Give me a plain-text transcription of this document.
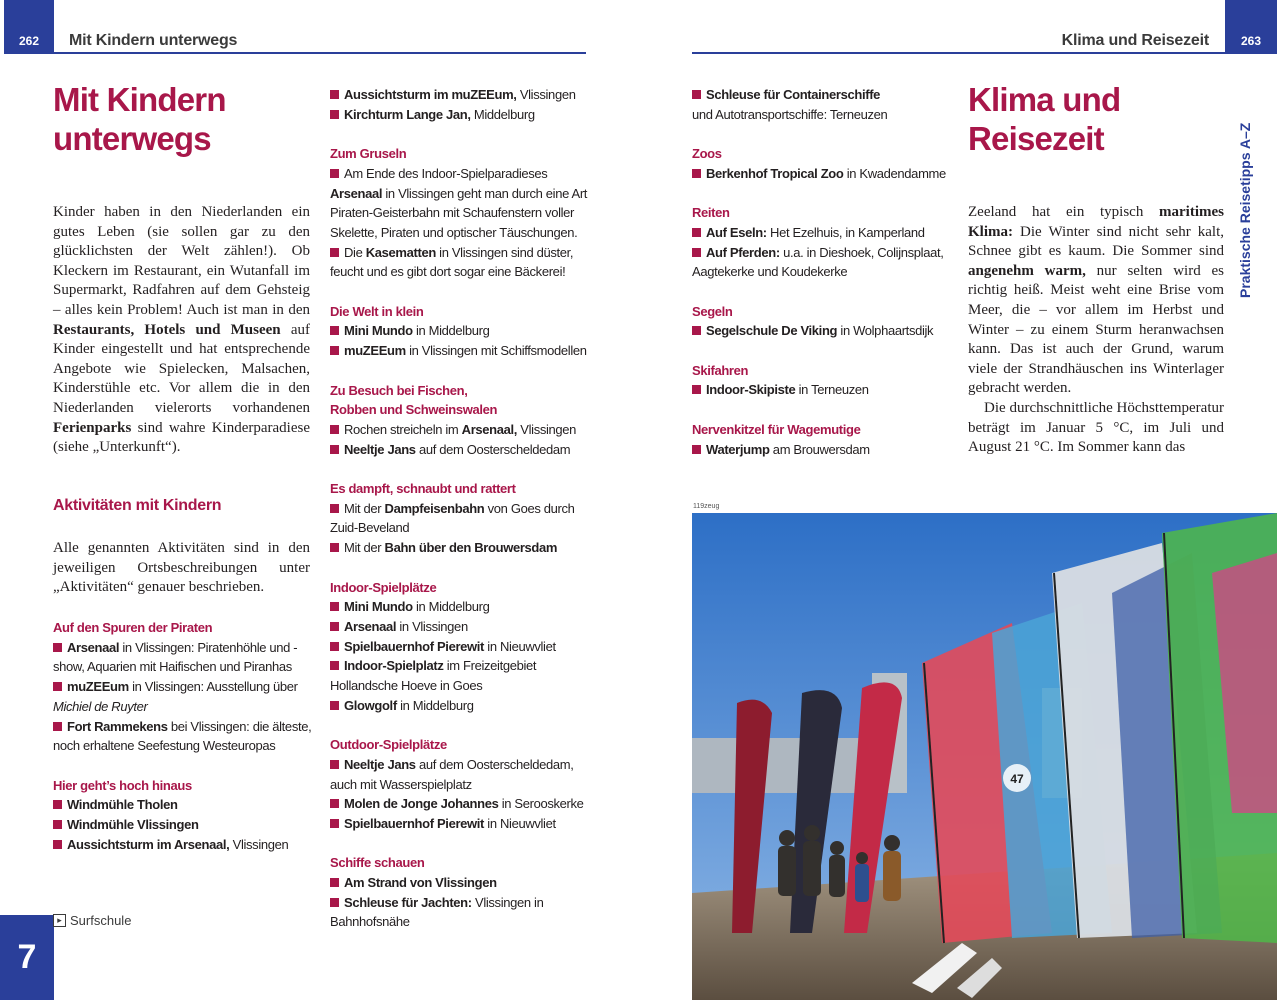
262	Mit Kindern unterwegs	Klima und Reisezeit	263
Praktische Reisetipps A–Z
7
Mit Kindern
unterwegs

Kinder haben in den Niederlanden ein gutes Leben (sie sollen gar zu den glücklichsten der Welt zählen!). Ob Kleckern im Restaurant, ein Wutanfall im Supermarkt, Radfahren auf dem Gehsteig – alles kein Problem! Auch ist man in den Restaurants, Hotels und Museen auf Kinder eingestellt und hat entsprechende Angebote wie Spielecken, Malsachen, Kinderstühle etc. Vor allem die in den Niederlanden vielerorts vorhandenen Ferienparks sind wahre Kinderparadiese (siehe „Unterkunft“).

Aktivitäten mit Kindern

Alle genannten Aktivitäten sind in den jeweiligen Ortsbeschreibungen unter „Aktivitäten“ genauer beschrieben.

Auf den Spuren der Piraten
Arsenaal in Vlissingen: Piratenhöhle und -show, Aquarien mit Haifischen und Piranhas
muZEEum in Vlissingen: Ausstellung über Michiel de Ruyter
Fort Rammekens bei Vlissingen: die älteste, noch erhaltene Seefestung Westeuropas
Hier geht’s hoch hinaus
Windmühle Tholen
Windmühle Vlissingen
Aussichtsturm im Arsenaal, Vlissingen
Aussichtsturm im muZEEum, Vlissingen
Kirchturm Lange Jan, Middelburg
Zum Gruseln
Am Ende des Indoor-Spielparadieses Arsenaal in Vlissingen geht man durch eine Art Piraten-Geisterbahn mit Schaufenstern voller Skelette, Piraten und optischer Täuschungen.
Die Kasematten in Vlissingen sind düster, feucht und es gibt dort sogar eine Bäckerei!
Die Welt in klein
Mini Mundo in Middelburg
muZEEum in Vlissingen mit Schiffsmodellen
Zu Besuch bei Fischen,
Robben und Schweinswalen
Rochen streicheln im Arsenaal, Vlissingen
Neeltje Jans auf dem Oosterscheldedam
Es dampft, schnaubt und rattert
Mit der Dampfeisenbahn von Goes durch Zuid-Beveland
Mit der Bahn über den Brouwersdam
Indoor-Spielplätze
Mini Mundo in Middelburg
Arsenaal in Vlissingen
Spielbauernhof Pierewit in Nieuwvliet
Indoor-Spielplatz im Freizeitgebiet Hollandsche Hoeve in Goes
Glowgolf in Middelburg
Outdoor-Spielplätze
Neeltje Jans auf dem Oosterscheldedam, auch mit Wasserspielplatz
Molen de Jonge Johannes in Serooskerke
Spielbauernhof Pierewit in Nieuwvliet
Schiffe schauen
Am Strand von Vlissingen
Schleuse für Jachten: Vlissingen in Bahnhofsnähe
▸ Surfschule
Schleuse für Containerschiffe
und Autotransportschiffe: Terneuzen
Zoos
Berkenhof Tropical Zoo in Kwadendamme
Reiten
Auf Eseln: Het Ezelhuis, in Kamperland
Auf Pferden: u.a. in Dieshoek, Colijnsplaat, Aagtekerke und Koudekerke
Segeln
Segelschule De Viking in Wolphaartsdijk
Skifahren
Indoor-Skipiste in Terneuzen
Nervenkitzel für Wagemutige
Waterjump am Brouwersdam
Klima und
Reisezeit

Zeeland hat ein typisch maritimes Klima: Die Winter sind nicht sehr kalt, Schnee gibt es kaum. Die Sommer sind angenehm warm, nur selten wird es richtig heiß. Meist weht eine Brise vom Meer, die – vor allem im Herbst und Winter – zu einem Sturm heranwachsen kann. Das ist auch der Grund, warum viele der Strandhäuschen ins Winterlager gebracht werden.

Die durchschnittliche Höchsttemperatur beträgt im Januar 5 °C, im Juli und August 21 °C. Im Sommer kann das

119zeug
47
